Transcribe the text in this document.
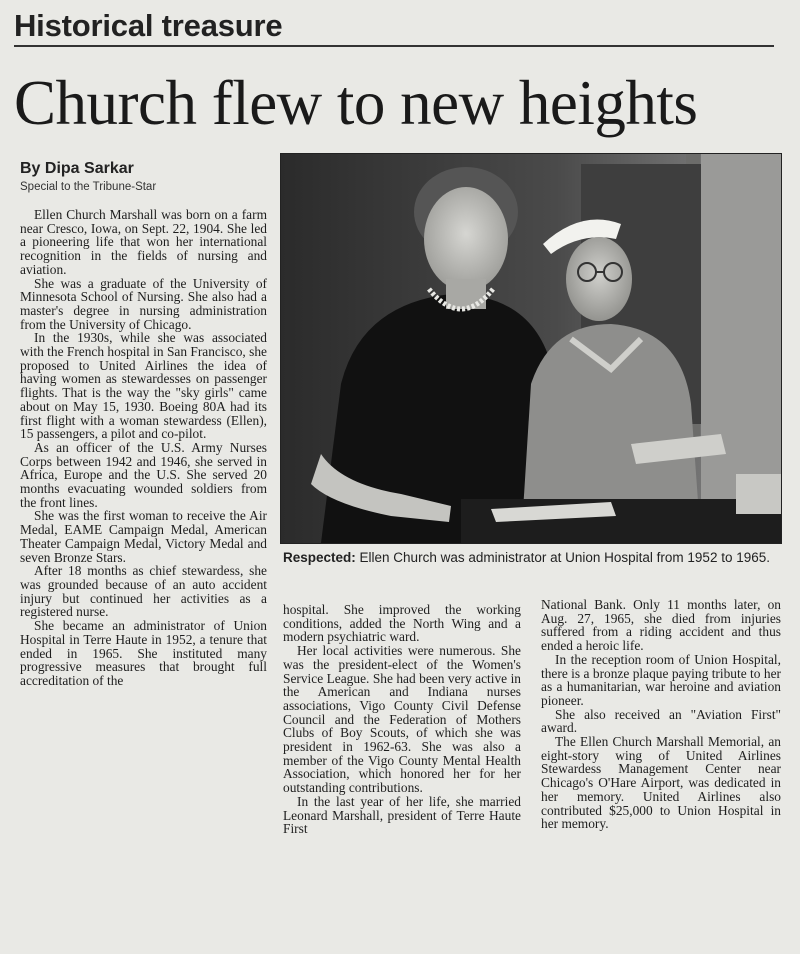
Historical treasure
Church flew to new heights
By Dipa Sarkar
Special to the Tribune-Star

Ellen Church Marshall was born on a farm near Cresco, Iowa, on Sept. 22, 1904. She led a pioneering life that won her international recognition in the fields of nursing and aviation.

She was a graduate of the University of Minnesota School of Nursing. She also had a master's degree in nursing administration from the University of Chicago.

In the 1930s, while she was associated with the French hospital in San Francisco, she proposed to United Airlines the idea of having women as stewardesses on passenger flights. That is the way the "sky girls" came about on May 15, 1930. Boeing 80A had its first flight with a woman stewardess (Ellen), 15 passengers, a pilot and co-pilot.

As an officer of the U.S. Army Nurses Corps between 1942 and 1946, she served in Africa, Europe and the U.S. She served 20 months evacuating wounded soldiers from the front lines.

She was the first woman to receive the Air Medal, EAME Campaign Medal, American Theater Campaign Medal, Victory Medal and seven Bronze Stars.

After 18 months as chief stewardess, she was grounded because of an auto accident injury but continued her activities as a registered nurse.

She became an administrator of Union Hospital in Terre Haute in 1952, a tenure that ended in 1965. She instituted many progressive measures that brought full accreditation of the

Respected: Ellen Church was administrator at Union Hospital from 1952 to 1965.

hospital. She improved the working conditions, added the North Wing and a modern psychiatric ward.

Her local activities were numerous. She was the president-elect of the Women's Service League. She had been very active in the American and Indiana nurses associations, Vigo County Civil Defense Council and the Federation of Mothers Clubs of Boy Scouts, of which she was president in 1962-63. She was also a member of the Vigo County Mental Health Association, which honored her for her outstanding contributions.

In the last year of her life, she married Leonard Marshall, president of Terre Haute First

National Bank. Only 11 months later, on Aug. 27, 1965, she died from injuries suffered from a riding accident and thus ended a heroic life.

In the reception room of Union Hospital, there is a bronze plaque paying tribute to her as a humanitarian, war heroine and aviation pioneer.

She also received an "Aviation First" award.

The Ellen Church Marshall Memorial, an eight-story wing of United Airlines Stewardess Management Center near Chicago's O'Hare Airport, was dedicated in her memory. United Airlines also contributed $25,000 to Union Hospital in her memory.
